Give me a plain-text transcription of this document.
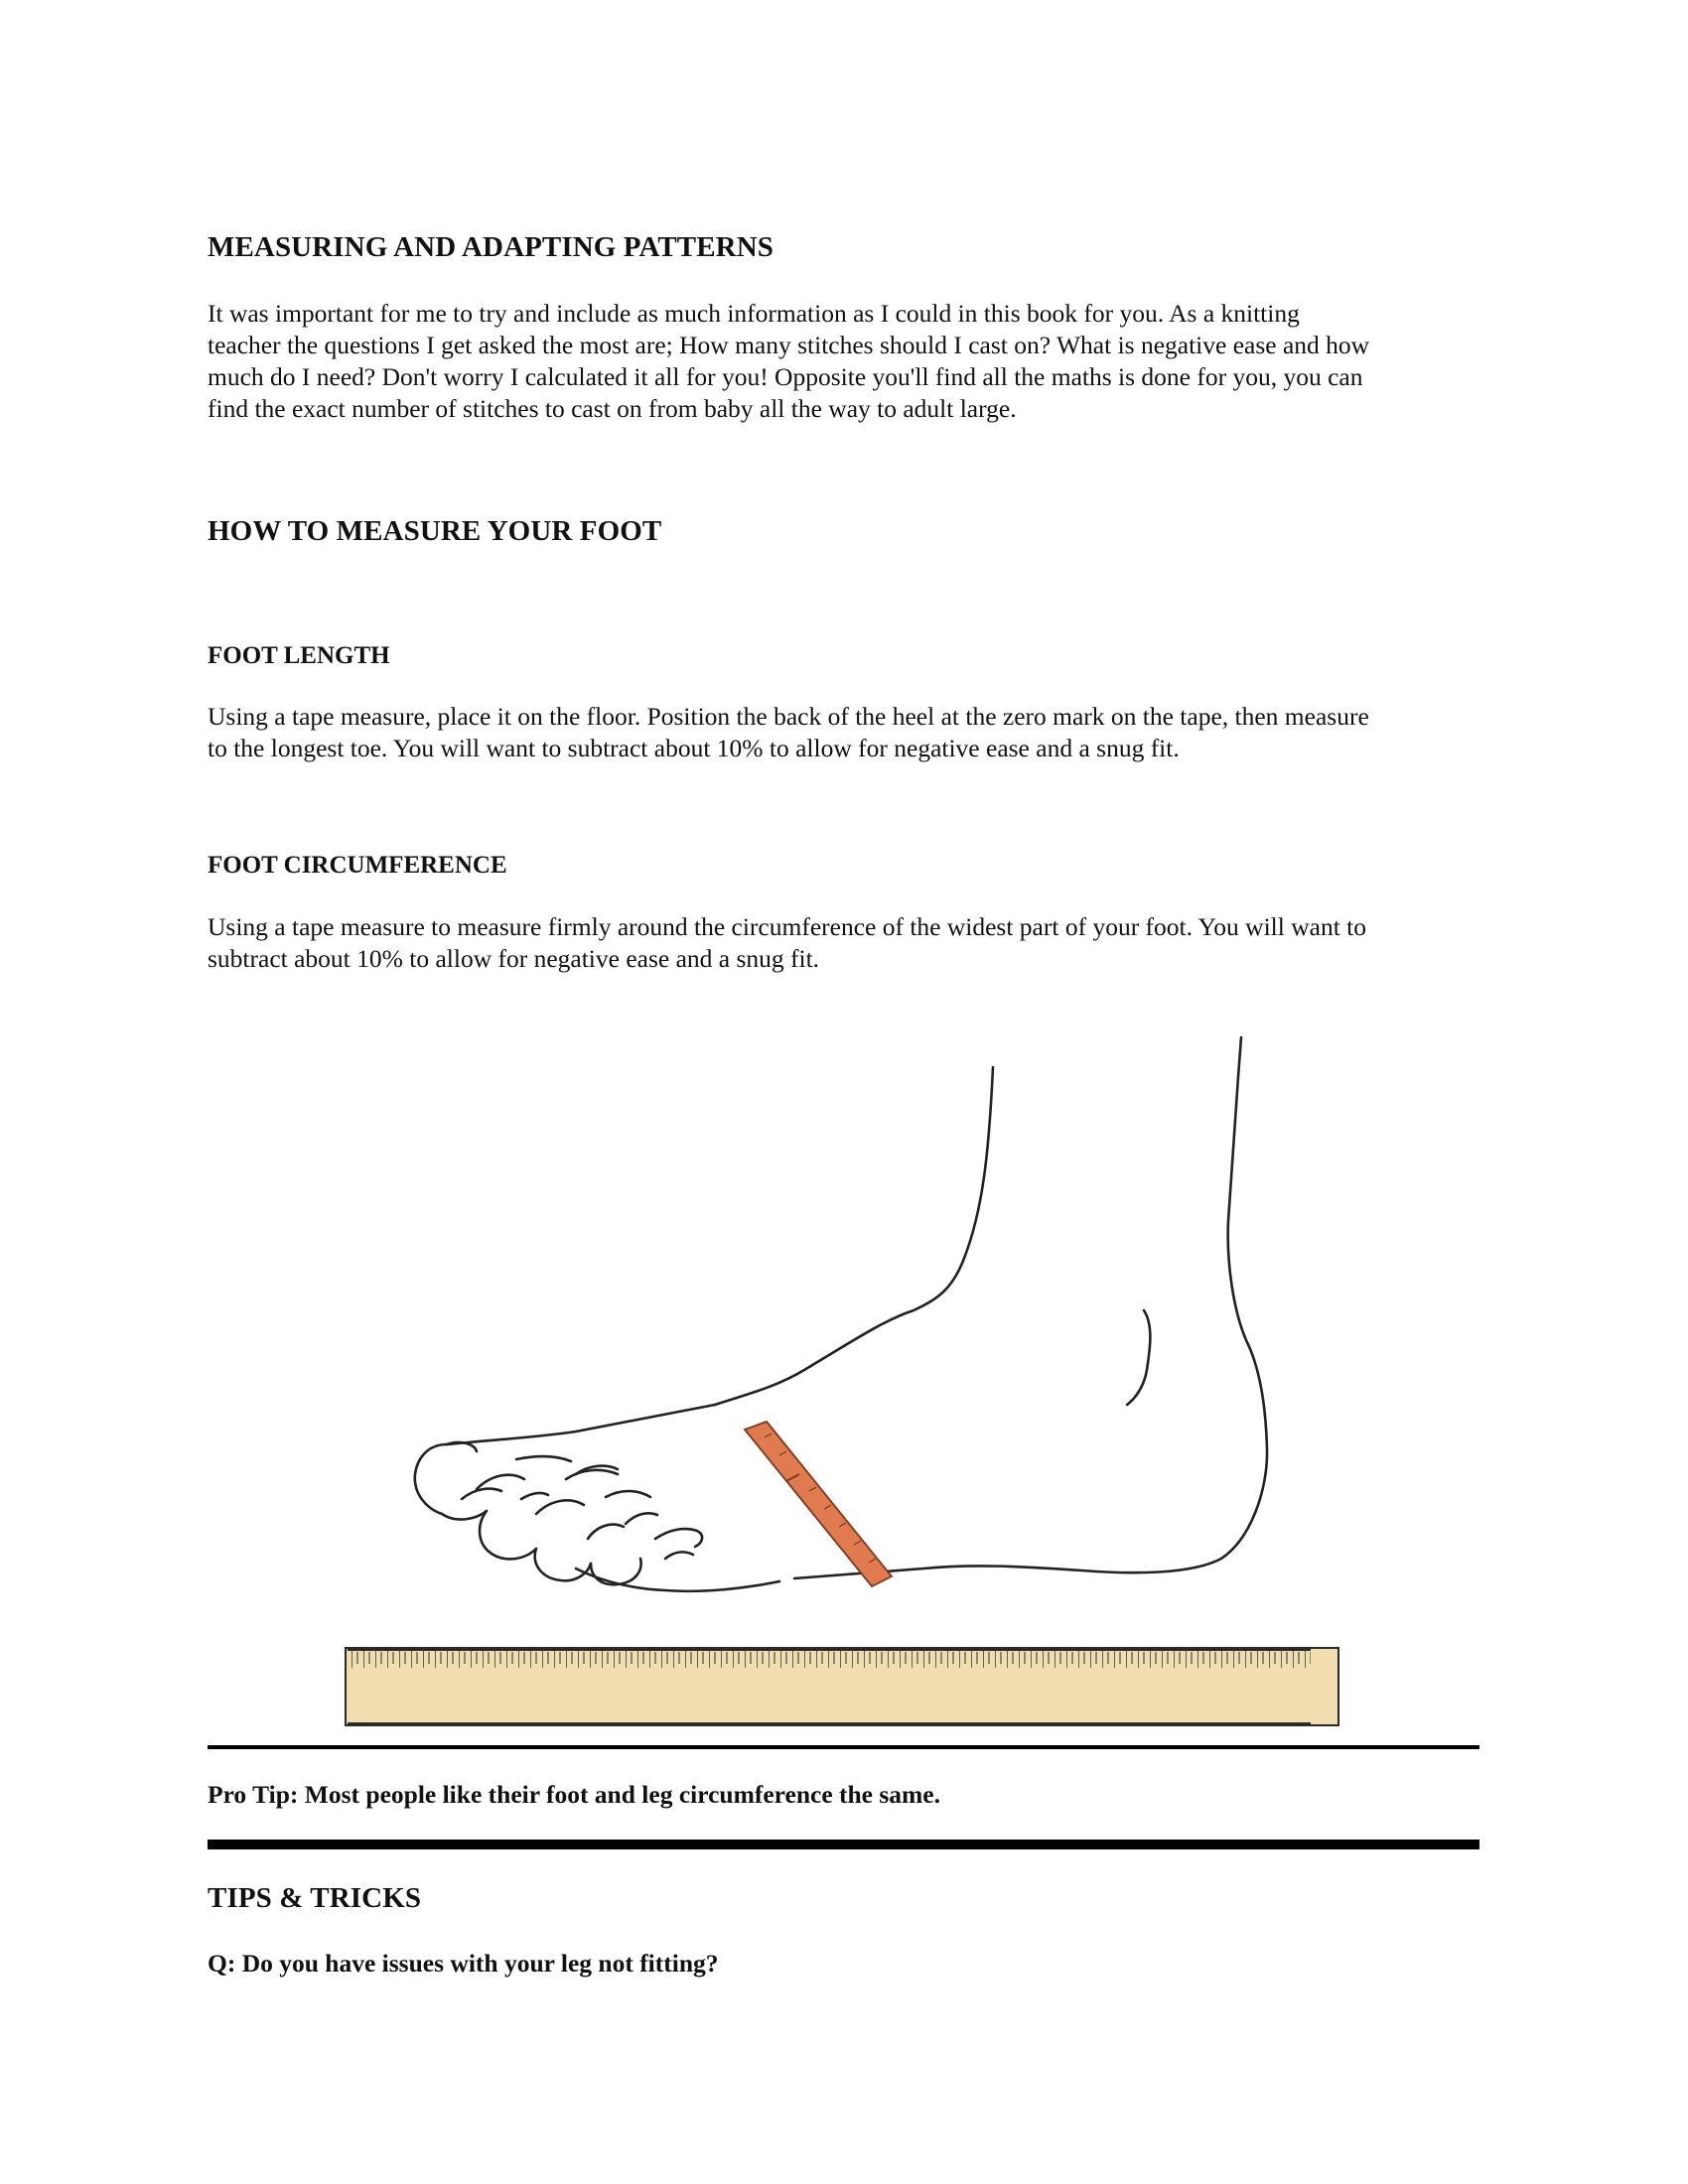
MEASURING AND ADAPTING PATTERNS
It was important for me to try and include as much information as I could in this book for you. As a knitting
teacher the questions I get asked the most are; How many stitches should I cast on? What is negative ease and how
much do I need? Don't worry I calculated it all for you! Opposite you'll find all the maths is done for you, you can
find the exact number of stitches to cast on from baby all the way to adult large.
HOW TO MEASURE YOUR FOOT
FOOT LENGTH
Using a tape measure, place it on the floor. Position the back of the heel at the zero mark on the tape, then measure
to the longest toe. You will want to subtract about 10% to allow for negative ease and a snug fit.
FOOT CIRCUMFERENCE
Using a tape measure to measure firmly around the circumference of the widest part of your foot. You will want to
subtract about 10% to allow for negative ease and a snug fit.
Pro Tip: Most people like their foot and leg circumference the same.
TIPS & TRICKS
Q: Do you have issues with your leg not fitting?
